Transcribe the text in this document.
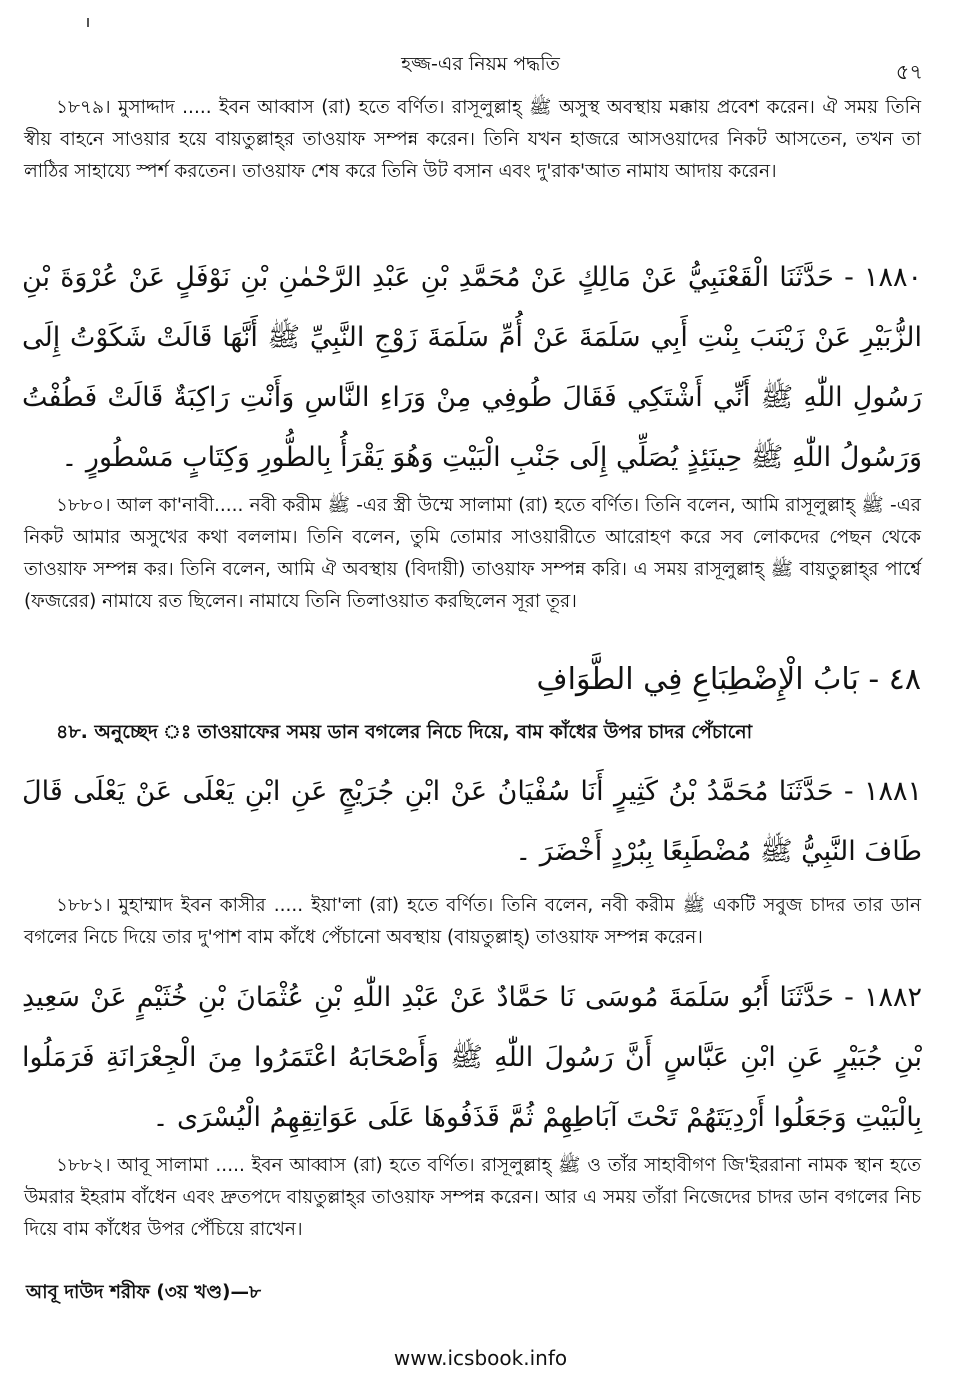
হজ্জ-এর নিয়ম পদ্ধতি	৫৭
১৮৭৯। মুসাদ্দাদ ..... ইবন আব্বাস (রা) হতে বর্ণিত। রাসূলুল্লাহ্ ﷺ অসুস্থ অবস্থায় মক্কায় প্রবেশ করেন। ঐ সময় তিনি স্বীয় বাহনে সাওয়ার হয়ে বায়তুল্লাহ্‌র তাওয়াফ সম্পন্ন করেন। তিনি যখন হাজরে আসওয়াদের নিকট আসতেন, তখন তা লাঠির সাহায্যে স্পর্শ করতেন। তাওয়াফ শেষ করে তিনি উট বসান এবং দু'রাক'আত নামায আদায় করেন।
١٨٨٠ - حَدَّثَنَا الْقَعْنَبِيُّ عَنْ مَالِكٍ عَنْ مُحَمَّدِ بْنِ عَبْدِ الرَّحْمٰنِ بْنِ نَوْفَلٍ عَنْ عُرْوَةَ بْنِ الزُّبَيْرِ عَنْ زَيْنَبَ بِنْتِ أَبِي سَلَمَةَ عَنْ أُمِّ سَلَمَةَ زَوْجِ النَّبِيِّ ﷺ أَنَّهَا قَالَتْ شَكَوْتُ إِلَى رَسُولِ اللّٰهِ ﷺ أَنِّي أَشْتَكِي فَقَالَ طُوفِي مِنْ وَرَاءِ النَّاسِ وَأَنْتِ رَاكِبَةٌ قَالَتْ فَطُفْتُ وَرَسُولُ اللّٰهِ ﷺ حِينَئِذٍ يُصَلِّي إِلَى جَنْبِ الْبَيْتِ وَهُوَ يَقْرَأُ بِالطُّورِ وَكِتَابٍ مَسْطُورٍ ۔
১৮৮০। আল কা'নাবী..... নবী করীম ﷺ -এর স্ত্রী উম্মে সালামা (রা) হতে বর্ণিত। তিনি বলেন, আমি রাসূলুল্লাহ্ ﷺ -এর নিকট আমার অসুখের কথা বললাম। তিনি বলেন, তুমি তোমার সাওয়ারীতে আরোহণ করে সব লোকদের পেছন থেকে তাওয়াফ সম্পন্ন কর। তিনি বলেন, আমি ঐ অবস্থায় (বিদায়ী) তাওয়াফ সম্পন্ন করি। এ সময় রাসূলুল্লাহ্ ﷺ বায়তুল্লাহ্‌র পার্শ্বে (ফজরের) নামাযে রত ছিলেন। নামাযে তিনি তিলাওয়াত করছিলেন সূরা তূর।
٤٨ - بَابُ الْإِضْطِبَاعِ فِي الطَّوَافِ
৪৮. অনুচ্ছেদ ঃ তাওয়াফের সময় ডান বগলের নিচে দিয়ে, বাম কাঁধের উপর চাদর পেঁচানো
١٨٨١ - حَدَّثَنَا مُحَمَّدُ بْنُ كَثِيرٍ أَنَا سُفْيَانُ عَنْ ابْنِ جُرَيْجٍ عَنِ ابْنِ يَعْلَى عَنْ يَعْلَى قَالَ طَافَ النَّبِيُّ ﷺ مُضْطَبِعًا بِبُرْدٍ أَخْضَرَ ۔
১৮৮১। মুহাম্মাদ ইবন কাসীর ..... ইয়া'লা (রা) হতে বর্ণিত। তিনি বলেন, নবী করীম ﷺ একটি সবুজ চাদর তার ডান বগলের নিচে দিয়ে তার দু'পাশ বাম কাঁধে পেঁচানো অবস্থায় (বায়তুল্লাহ্) তাওয়াফ সম্পন্ন করেন।
١٨٨٢ - حَدَّثَنَا أَبُو سَلَمَةَ مُوسَى نَا حَمَّادٌ عَنْ عَبْدِ اللّٰهِ بْنِ عُثْمَانَ بْنِ خُثَيْمٍ عَنْ سَعِيدِ بْنِ جُبَيْرٍ عَنِ ابْنِ عَبَّاسٍ أَنَّ رَسُولَ اللّٰهِ ﷺ وَأَصْحَابَهُ اعْتَمَرُوا مِنَ الْجِعْرَانَةِ فَرَمَلُوا بِالْبَيْتِ وَجَعَلُوا أَرْدِيَتَهُمْ تَحْتَ آبَاطِهِمْ ثُمَّ قَذَفُوهَا عَلَى عَوَاتِقِهِمُ الْيُسْرَى ۔
১৮৮২। আবূ সালামা ..... ইবন আব্বাস (রা) হতে বর্ণিত। রাসূলুল্লাহ্ ﷺ ও তাঁর সাহাবীগণ জি'ইররানা নামক স্থান হতে উমরার ইহরাম বাঁধেন এবং দ্রুতপদে বায়তুল্লাহ্‌র তাওয়াফ সম্পন্ন করেন। আর এ সময় তাঁরা নিজেদের চাদর ডান বগলের নিচ দিয়ে বাম কাঁধের উপর পেঁচিয়ে রাখেন।
আবূ দাউদ শরীফ (৩য় খণ্ড)—৮
www.icsbook.info
